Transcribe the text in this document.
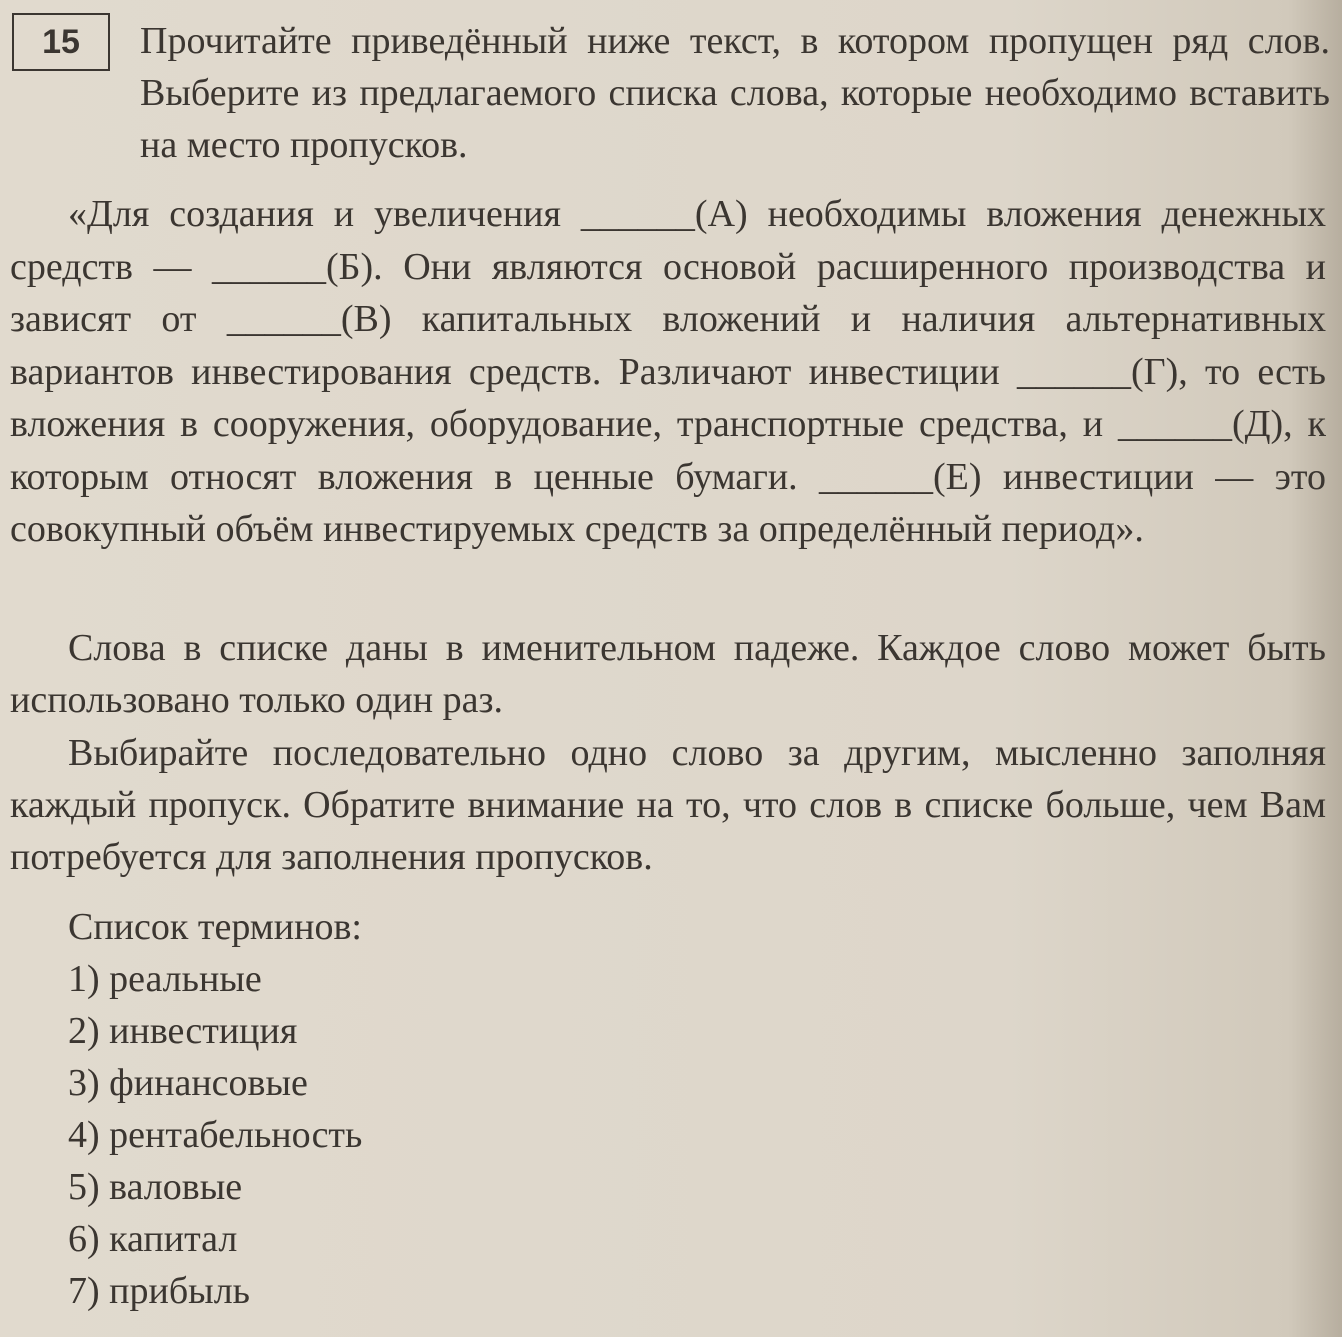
15 Прочитайте приведённый ниже текст, в котором пропущен ряд слов. Выберите из предлагаемого списка слова, которые необходимо вставить на место пропусков.
«Для создания и увеличения ______(А) необходимы вложения денежных средств — ______(Б). Они являются основой расширенного производства и зависят от ______(В) капитальных вложений и наличия альтернативных вариантов инвестирования средств. Различают инвестиции ______(Г), то есть вложения в сооружения, оборудование, транспортные средства, и ______(Д), к которым относят вложения в ценные бумаги. ______(Е) инвестиции — это совокупный объём инвестируемых средств за определённый период».
Слова в списке даны в именительном падеже. Каждое слово может быть использовано только один раз.
Выбирайте последовательно одно слово за другим, мысленно заполняя каждый пропуск. Обратите внимание на то, что слов в списке больше, чем Вам потребуется для заполнения пропусков.
Список терминов:
1) реальные
2) инвестиция
3) финансовые
4) рентабельность
5) валовые
6) капитал
7) прибыль
